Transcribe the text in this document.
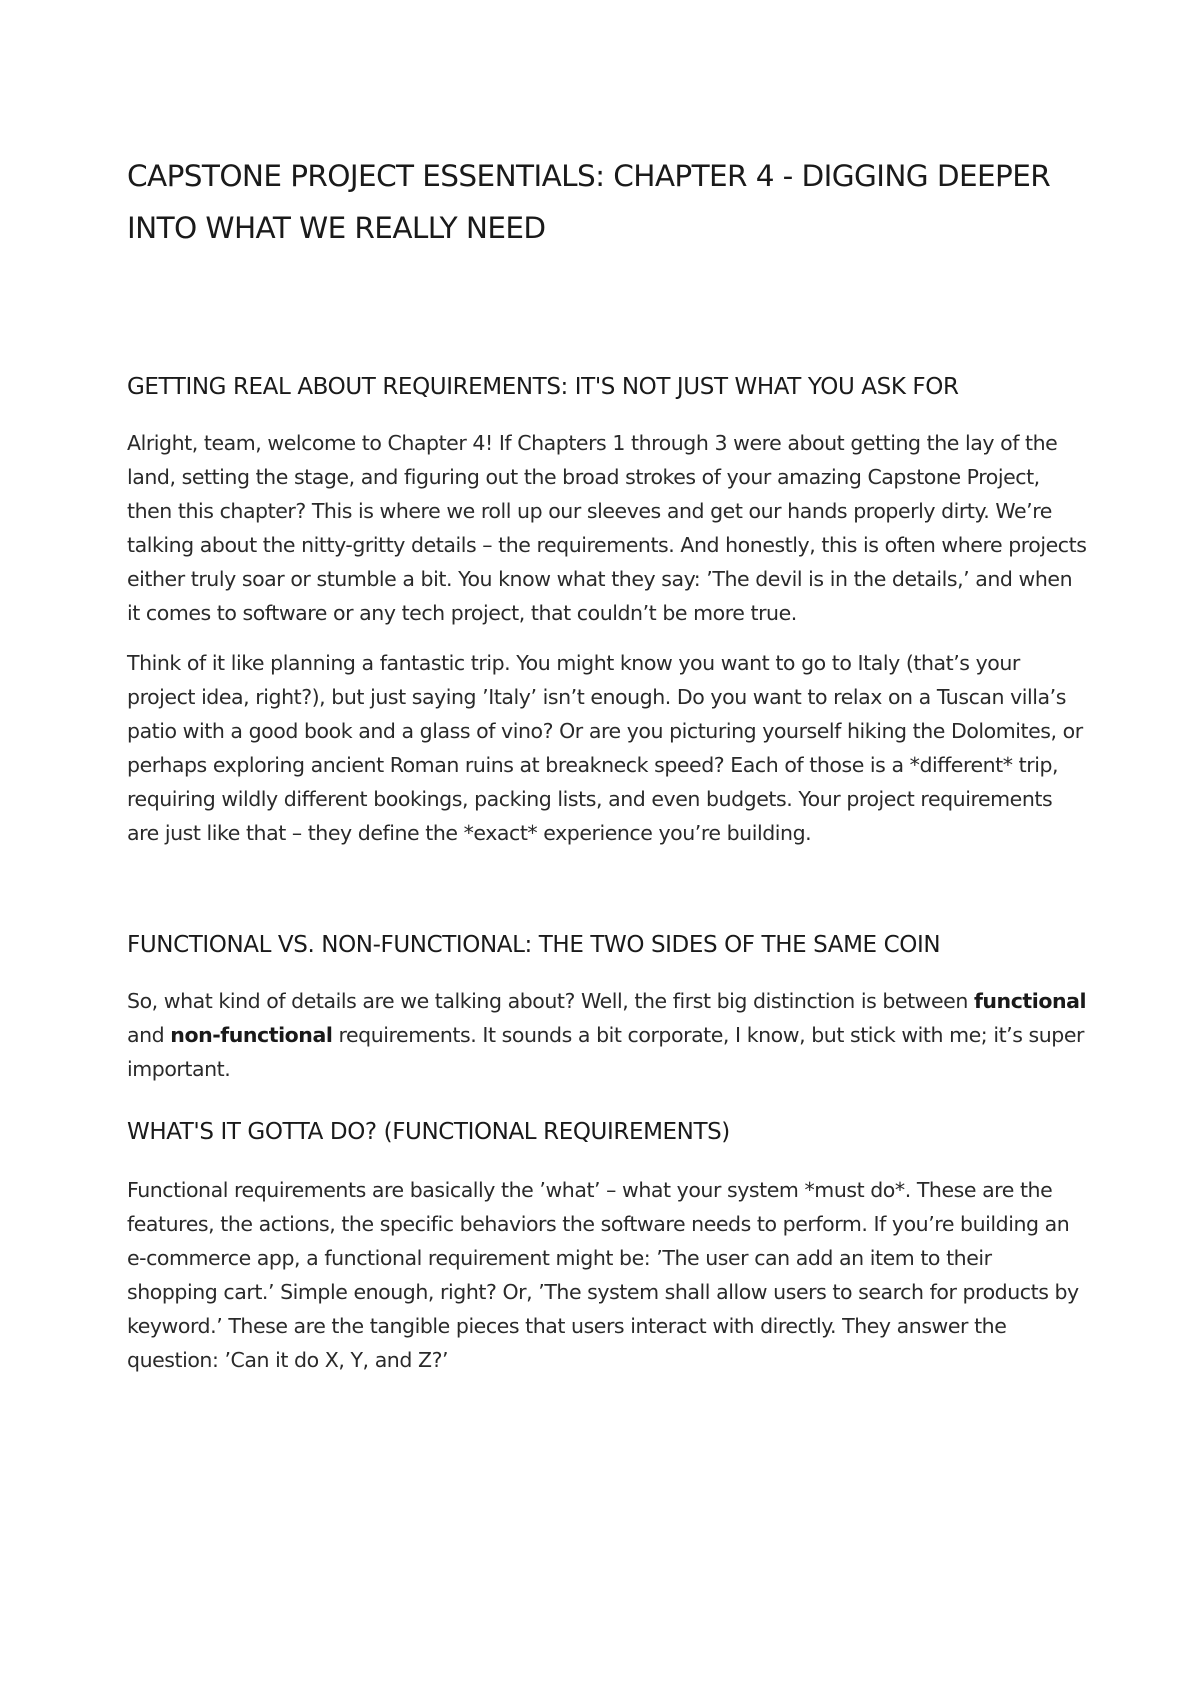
CAPSTONE PROJECT ESSENTIALS: CHAPTER 4 - DIGGING DEEPER INTO WHAT WE REALLY NEED
GETTING REAL ABOUT REQUIREMENTS: IT'S NOT JUST WHAT YOU ASK FOR

Alright, team, welcome to Chapter 4! If Chapters 1 through 3 were about getting the lay of the land, setting the stage, and figuring out the broad strokes of your amazing Capstone Project, then this chapter? This is where we roll up our sleeves and get our hands properly dirty. We’re talking about the nitty-gritty details – the requirements. And honestly, this is often where projects either truly soar or stumble a bit. You know what they say: ’The devil is in the details,’ and when it comes to software or any tech project, that couldn’t be more true.

Think of it like planning a fantastic trip. You might know you want to go to Italy (that’s your project idea, right?), but just saying ’Italy’ isn’t enough. Do you want to relax on a Tuscan villa’s patio with a good book and a glass of vino? Or are you picturing yourself hiking the Dolomites, or perhaps exploring ancient Roman ruins at breakneck speed? Each of those is a *different* trip, requiring wildly different bookings, packing lists, and even budgets. Your project requirements are just like that – they define the *exact* experience you’re building.

FUNCTIONAL VS. NON-FUNCTIONAL: THE TWO SIDES OF THE SAME COIN

So, what kind of details are we talking about? Well, the first big distinction is between functional and non-functional requirements. It sounds a bit corporate, I know, but stick with me; it’s super important.

WHAT'S IT GOTTA DO? (FUNCTIONAL REQUIREMENTS)

Functional requirements are basically the ’what’ – what your system *must do*. These are the features, the actions, the specific behaviors the software needs to perform. If you’re building an e-commerce app, a functional requirement might be: ’The user can add an item to their shopping cart.’ Simple enough, right? Or, ’The system shall allow users to search for products by keyword.’ These are the tangible pieces that users interact with directly. They answer the question: ’Can it do X, Y, and Z?’
